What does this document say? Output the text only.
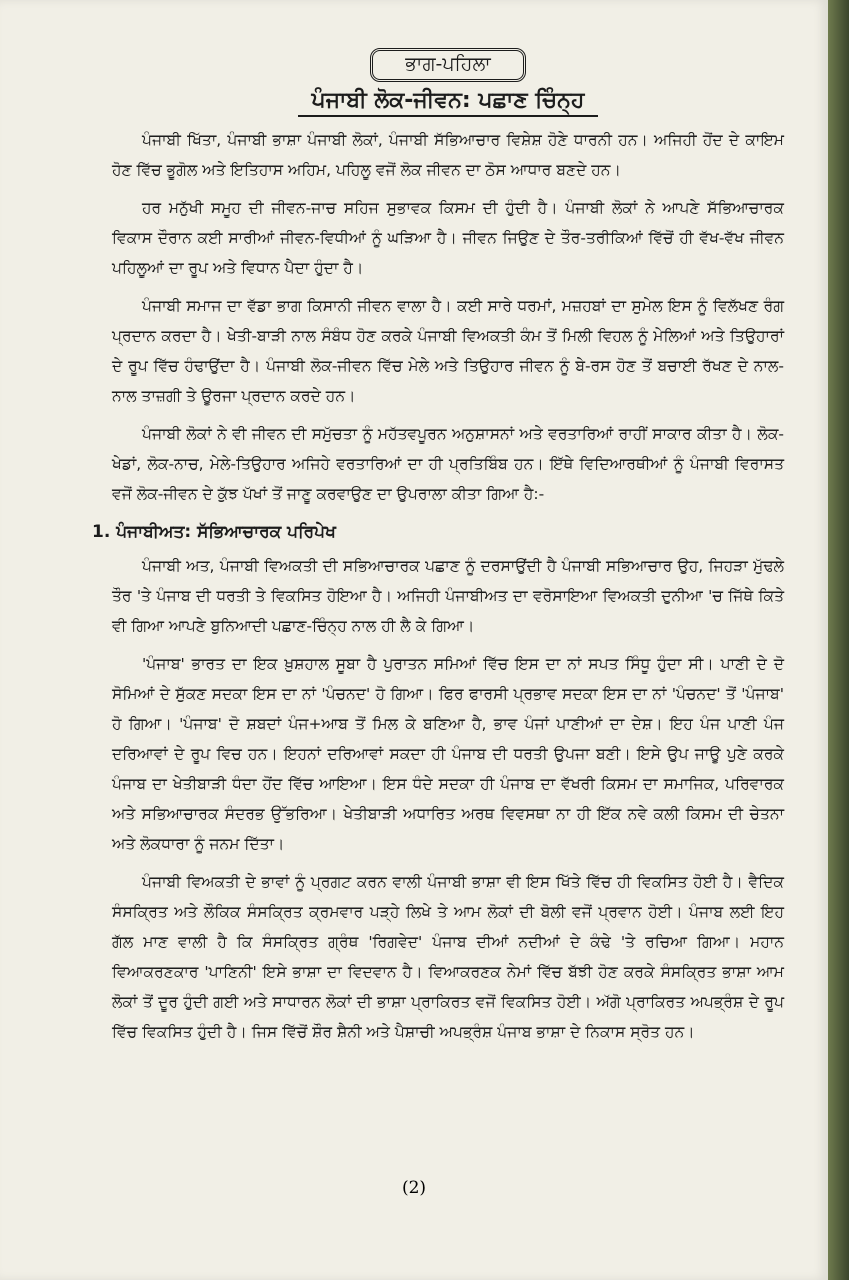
ਭਾਗ-ਪਹਿਲਾ
ਪੰਜਾਬੀ ਲੋਕ-ਜੀਵਨ: ਪਛਾਣ ਚਿੰਨ੍ਹ

ਪੰਜਾਬੀ ਖਿੱਤਾ, ਪੰਜਾਬੀ ਭਾਸ਼ਾ ਪੰਜਾਬੀ ਲੋਕਾਂ, ਪੰਜਾਬੀ ਸੱਭਿਆਚਾਰ ਵਿਸ਼ੇਸ਼ ਹੋਣੇ ਧਾਰਨੀ ਹਨ। ਅਜਿਹੀ ਹੋਂਦ ਦੇ ਕਾਇਮ ਹੋਣ ਵਿੱਚ ਭੂਗੋਲ ਅਤੇ ਇਤਿਹਾਸ ਅਹਿਮ, ਪਹਿਲੂ ਵਜੋਂ ਲੋਕ ਜੀਵਨ ਦਾ ਠੋਸ ਆਧਾਰ ਬਣਦੇ ਹਨ।

ਹਰ ਮਨੁੱਖੀ ਸਮੂਹ ਦੀ ਜੀਵਨ-ਜਾਚ ਸਹਿਜ ਸੁਭਾਵਕ ਕਿਸਮ ਦੀ ਹੁੰਦੀ ਹੈ। ਪੰਜਾਬੀ ਲੋਕਾਂ ਨੇ ਆਪਣੇ ਸੱਭਿਆਚਾਰਕ ਵਿਕਾਸ ਦੌਰਾਨ ਕਈ ਸਾਰੀਆਂ ਜੀਵਨ-ਵਿਧੀਆਂ ਨੂੰ ਘੜਿਆ ਹੈ। ਜੀਵਨ ਜਿਉਣ ਦੇ ਤੌਰ-ਤਰੀਕਿਆਂ ਵਿੱਚੋਂ ਹੀ ਵੱਖ-ਵੱਖ ਜੀਵਨ ਪਹਿਲੂਆਂ ਦਾ ਰੂਪ ਅਤੇ ਵਿਧਾਨ ਪੈਦਾ ਹੁੰਦਾ ਹੈ।

ਪੰਜਾਬੀ ਸਮਾਜ ਦਾ ਵੱਡਾ ਭਾਗ ਕਿਸਾਨੀ ਜੀਵਨ ਵਾਲਾ ਹੈ। ਕਈ ਸਾਰੇ ਧਰਮਾਂ, ਮਜ਼ਹਬਾਂ ਦਾ ਸੁਮੇਲ ਇਸ ਨੂੰ ਵਿਲੱਖਣ ਰੰਗ ਪ੍ਰਦਾਨ ਕਰਦਾ ਹੈ। ਖੇਤੀ-ਬਾੜੀ ਨਾਲ ਸੰਬੰਧ ਹੋਣ ਕਰਕੇ ਪੰਜਾਬੀ ਵਿਅਕਤੀ ਕੰਮ ਤੋਂ ਮਿਲੀ ਵਿਹਲ ਨੂੰ ਮੇਲਿਆਂ ਅਤੇ ਤਿਉਹਾਰਾਂ ਦੇ ਰੂਪ ਵਿੱਚ ਹੰਢਾਉਂਦਾ ਹੈ। ਪੰਜਾਬੀ ਲੋਕ-ਜੀਵਨ ਵਿੱਚ ਮੇਲੇ ਅਤੇ ਤਿਉਹਾਰ ਜੀਵਨ ਨੂੰ ਬੇ-ਰਸ ਹੋਣ ਤੋਂ ਬਚਾਈ ਰੱਖਣ ਦੇ ਨਾਲ-ਨਾਲ ਤਾਜ਼ਗੀ ਤੇ ਊਰਜਾ ਪ੍ਰਦਾਨ ਕਰਦੇ ਹਨ।

ਪੰਜਾਬੀ ਲੋਕਾਂ ਨੇ ਵੀ ਜੀਵਨ ਦੀ ਸਮੁੱਚਤਾ ਨੂੰ ਮਹੱਤਵਪੂਰਨ ਅਨੁਸ਼ਾਸਨਾਂ ਅਤੇ ਵਰਤਾਰਿਆਂ ਰਾਹੀਂ ਸਾਕਾਰ ਕੀਤਾ ਹੈ। ਲੋਕ-ਖੇਡਾਂ, ਲੋਕ-ਨਾਚ, ਮੇਲੇ-ਤਿਉਹਾਰ ਅਜਿਹੇ ਵਰਤਾਰਿਆਂ ਦਾ ਹੀ ਪ੍ਰਤਿਬਿੰਬ ਹਨ। ਇੱਥੇ ਵਿਦਿਆਰਥੀਆਂ ਨੂੰ ਪੰਜਾਬੀ ਵਿਰਾਸਤ ਵਜੋਂ ਲੋਕ-ਜੀਵਨ ਦੇ ਕੁੱਝ ਪੱਖਾਂ ਤੋਂ ਜਾਣੂ ਕਰਵਾਉਣ ਦਾ ਉਪਰਾਲਾ ਕੀਤਾ ਗਿਆ ਹੈ:-

1. ਪੰਜਾਬੀਅਤ: ਸੱਭਿਆਚਾਰਕ ਪਰਿਪੇਖ

ਪੰਜਾਬੀ ਅਤ, ਪੰਜਾਬੀ ਵਿਅਕਤੀ ਦੀ ਸਭਿਆਚਾਰਕ ਪਛਾਣ ਨੂੰ ਦਰਸਾਉਂਦੀ ਹੈ ਪੰਜਾਬੀ ਸਭਿਆਚਾਰ ਉਹ, ਜਿਹੜਾ ਮੁੱਢਲੇ ਤੌਰ 'ਤੇ ਪੰਜਾਬ ਦੀ ਧਰਤੀ ਤੇ ਵਿਕਸਿਤ ਹੋਇਆ ਹੈ। ਅਜਿਹੀ ਪੰਜਾਬੀਅਤ ਦਾ ਵਰੋਸਾਇਆ ਵਿਅਕਤੀ ਦੁਨੀਆ 'ਚ ਜਿੱਥੇ ਕਿਤੇ ਵੀ ਗਿਆ ਆਪਣੇ ਬੁਨਿਆਦੀ ਪਛਾਣ-ਚਿੰਨ੍ਹ ਨਾਲ ਹੀ ਲੈ ਕੇ ਗਿਆ।

'ਪੰਜਾਬ' ਭਾਰਤ ਦਾ ਇਕ ਖ਼ੁਸ਼ਹਾਲ ਸੂਬਾ ਹੈ ਪੁਰਾਤਨ ਸਮਿਆਂ ਵਿੱਚ ਇਸ ਦਾ ਨਾਂ ਸਪਤ ਸਿੰਧੂ ਹੁੰਦਾ ਸੀ। ਪਾਣੀ ਦੇ ਦੋ ਸੋਮਿਆਂ ਦੇ ਸੁੱਕਣ ਸਦਕਾ ਇਸ ਦਾ ਨਾਂ 'ਪੰਚਨਦ' ਹੋ ਗਿਆ। ਫਿਰ ਫਾਰਸੀ ਪ੍ਰਭਾਵ ਸਦਕਾ ਇਸ ਦਾ ਨਾਂ 'ਪੰਚਨਦ' ਤੋਂ 'ਪੰਜਾਬ' ਹੋ ਗਿਆ। 'ਪੰਜਾਬ' ਦੋ ਸ਼ਬਦਾਂ ਪੰਜ+ਆਬ ਤੋਂ ਮਿਲ ਕੇ ਬਣਿਆ ਹੈ, ਭਾਵ ਪੰਜਾਂ ਪਾਣੀਆਂ ਦਾ ਦੇਸ਼। ਇਹ ਪੰਜ ਪਾਣੀ ਪੰਜ ਦਰਿਆਵਾਂ ਦੇ ਰੂਪ ਵਿਚ ਹਨ। ਇਹਨਾਂ ਦਰਿਆਵਾਂ ਸਕਦਾ ਹੀ ਪੰਜਾਬ ਦੀ ਧਰਤੀ ਉਪਜਾ ਬਣੀ। ਇਸੇ ਉਪ ਜਾਊ ਪੁਣੇ ਕਰਕੇ ਪੰਜਾਬ ਦਾ ਖੇਤੀਬਾੜੀ ਧੰਦਾ ਹੋਂਦ ਵਿੱਚ ਆਇਆ। ਇਸ ਧੰਦੇ ਸਦਕਾ ਹੀ ਪੰਜਾਬ ਦਾ ਵੱਖਰੀ ਕਿਸਮ ਦਾ ਸਮਾਜਿਕ, ਪਰਿਵਾਰਕ ਅਤੇ ਸਭਿਆਚਾਰਕ ਸੰਦਰਭ ਉੱਭਰਿਆ। ਖੇਤੀਬਾੜੀ ਅਧਾਰਿਤ ਅਰਥ ਵਿਵਸਥਾ ਨਾ ਹੀ ਇੱਕ ਨਵੇ ਕਲੀ ਕਿਸਮ ਦੀ ਚੇਤਨਾ ਅਤੇ ਲੋਕਧਾਰਾ ਨੂੰ ਜਨਮ ਦਿੱਤਾ।

ਪੰਜਾਬੀ ਵਿਅਕਤੀ ਦੇ ਭਾਵਾਂ ਨੂੰ ਪ੍ਰਗਟ ਕਰਨ ਵਾਲੀ ਪੰਜਾਬੀ ਭਾਸ਼ਾ ਵੀ ਇਸ ਖਿੱਤੇ ਵਿੱਚ ਹੀ ਵਿਕਸਿਤ ਹੋਈ ਹੈ। ਵੈਦਿਕ ਸੰਸਕ੍ਰਿਤ ਅਤੇ ਲੌਕਿਕ ਸੰਸਕ੍ਰਿਤ ਕ੍ਰਮਵਾਰ ਪੜ੍ਹੇ ਲਿਖੇ ਤੇ ਆਮ ਲੋਕਾਂ ਦੀ ਬੋਲੀ ਵਜੋਂ ਪ੍ਰਵਾਨ ਹੋਈ। ਪੰਜਾਬ ਲਈ ਇਹ ਗੱਲ ਮਾਣ ਵਾਲੀ ਹੈ ਕਿ ਸੰਸਕ੍ਰਿਤ ਗ੍ਰੰਥ 'ਰਿਗਵੇਦ' ਪੰਜਾਬ ਦੀਆਂ ਨਦੀਆਂ ਦੇ ਕੰਢੇ 'ਤੇ ਰਚਿਆ ਗਿਆ। ਮਹਾਨ ਵਿਆਕਰਣਕਾਰ 'ਪਾਣਿਨੀ' ਇਸੇ ਭਾਸ਼ਾ ਦਾ ਵਿਦਵਾਨ ਹੈ। ਵਿਆਕਰਣਕ ਨੇਮਾਂ ਵਿੱਚ ਬੱਝੀ ਹੋਣ ਕਰਕੇ ਸੰਸਕ੍ਰਿਤ ਭਾਸ਼ਾ ਆਮ ਲੋਕਾਂ ਤੋਂ ਦੂਰ ਹੁੰਦੀ ਗਈ ਅਤੇ ਸਾਧਾਰਨ ਲੋਕਾਂ ਦੀ ਭਾਸ਼ਾ ਪ੍ਰਾਕਿਰਤ ਵਜੋਂ ਵਿਕਸਿਤ ਹੋਈ। ਅੱਗੋ ਪ੍ਰਾਕਿਰਤ ਅਪਭ੍ਰੰਸ਼ ਦੇ ਰੂਪ ਵਿੱਚ ਵਿਕਸਿਤ ਹੁੰਦੀ ਹੈ। ਜਿਸ ਵਿੱਚੋਂ ਸ਼ੌਰ ਸ਼ੈਨੀ ਅਤੇ ਪੈਸ਼ਾਚੀ ਅਪਭ੍ਰੰਸ਼ ਪੰਜਾਬ ਭਾਸ਼ਾ ਦੇ ਨਿਕਾਸ ਸ੍ਰੋਤ ਹਨ।

(2)
